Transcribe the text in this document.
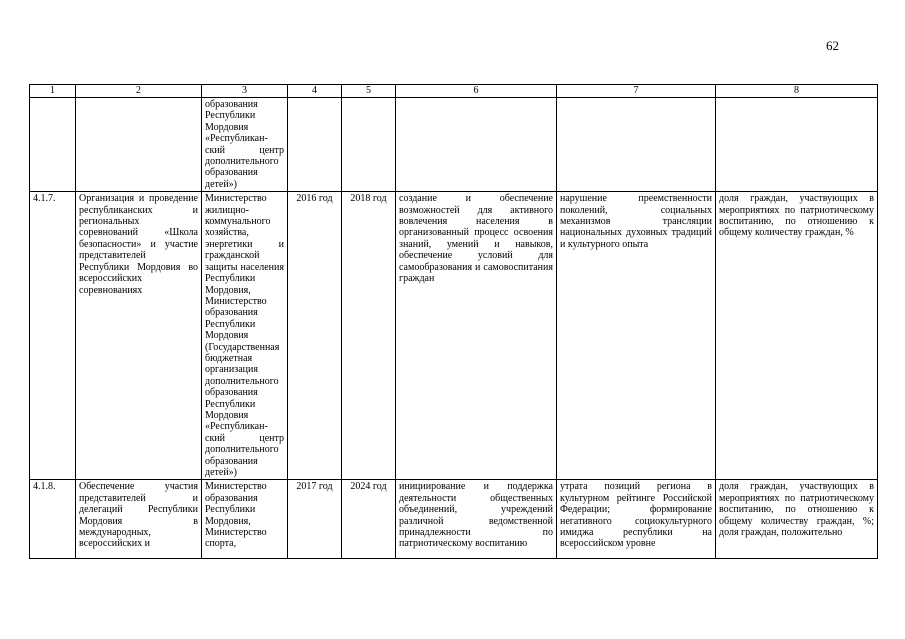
62
1	2	3	4	5	6	7	8
		образования Республики Мордовия «Республикан-ский центр дополнительного образования детей»)					
4.1.7.	Организация и проведение республиканских и региональных соревнований «Школа безопасности» и участие представителей Республики Мордовия во всероссийских соревнованиях	Министерство жилищно-коммунального хозяйства, энергетики и гражданской защиты населения Республики Мордовия, Министерство образования Республики Мордовия (Государственная бюджетная организация дополнительного образования Республики Мордовия «Республикан-ский центр дополнительного образования детей»)	2016 год	2018 год	создание и обеспечение возможностей для активного вовлечения населения в организованный процесс освоения знаний, умений и навыков, обеспечение условий для самообразования и самовоспитания граждан	нарушение преемственности поколений, социальных механизмов трансляции национальных духовных традиций и культурного опыта	доля граждан, участвующих в мероприятиях по патриотическому воспитанию, по отношению к общему количеству граждан, %
4.1.8.	Обеспечение участия представителей и делегаций Республики Мордовия в международных, всероссийских и	Министерство образования Республики Мордовия, Министерство спорта,	2017 год	2024 год	инициирование и поддержка деятельности общественных объединений, учреждений различной ведомственной принадлежности по патриотическому воспитанию	утрата позиций региона в культурном рейтинге Российской Федерации; формирование негативного социокультурного имиджа республики на всероссийском уровне	доля граждан, участвующих в мероприятиях по патриотическому воспитанию, по отношению к общему количеству граждан, %; доля граждан, положительно
